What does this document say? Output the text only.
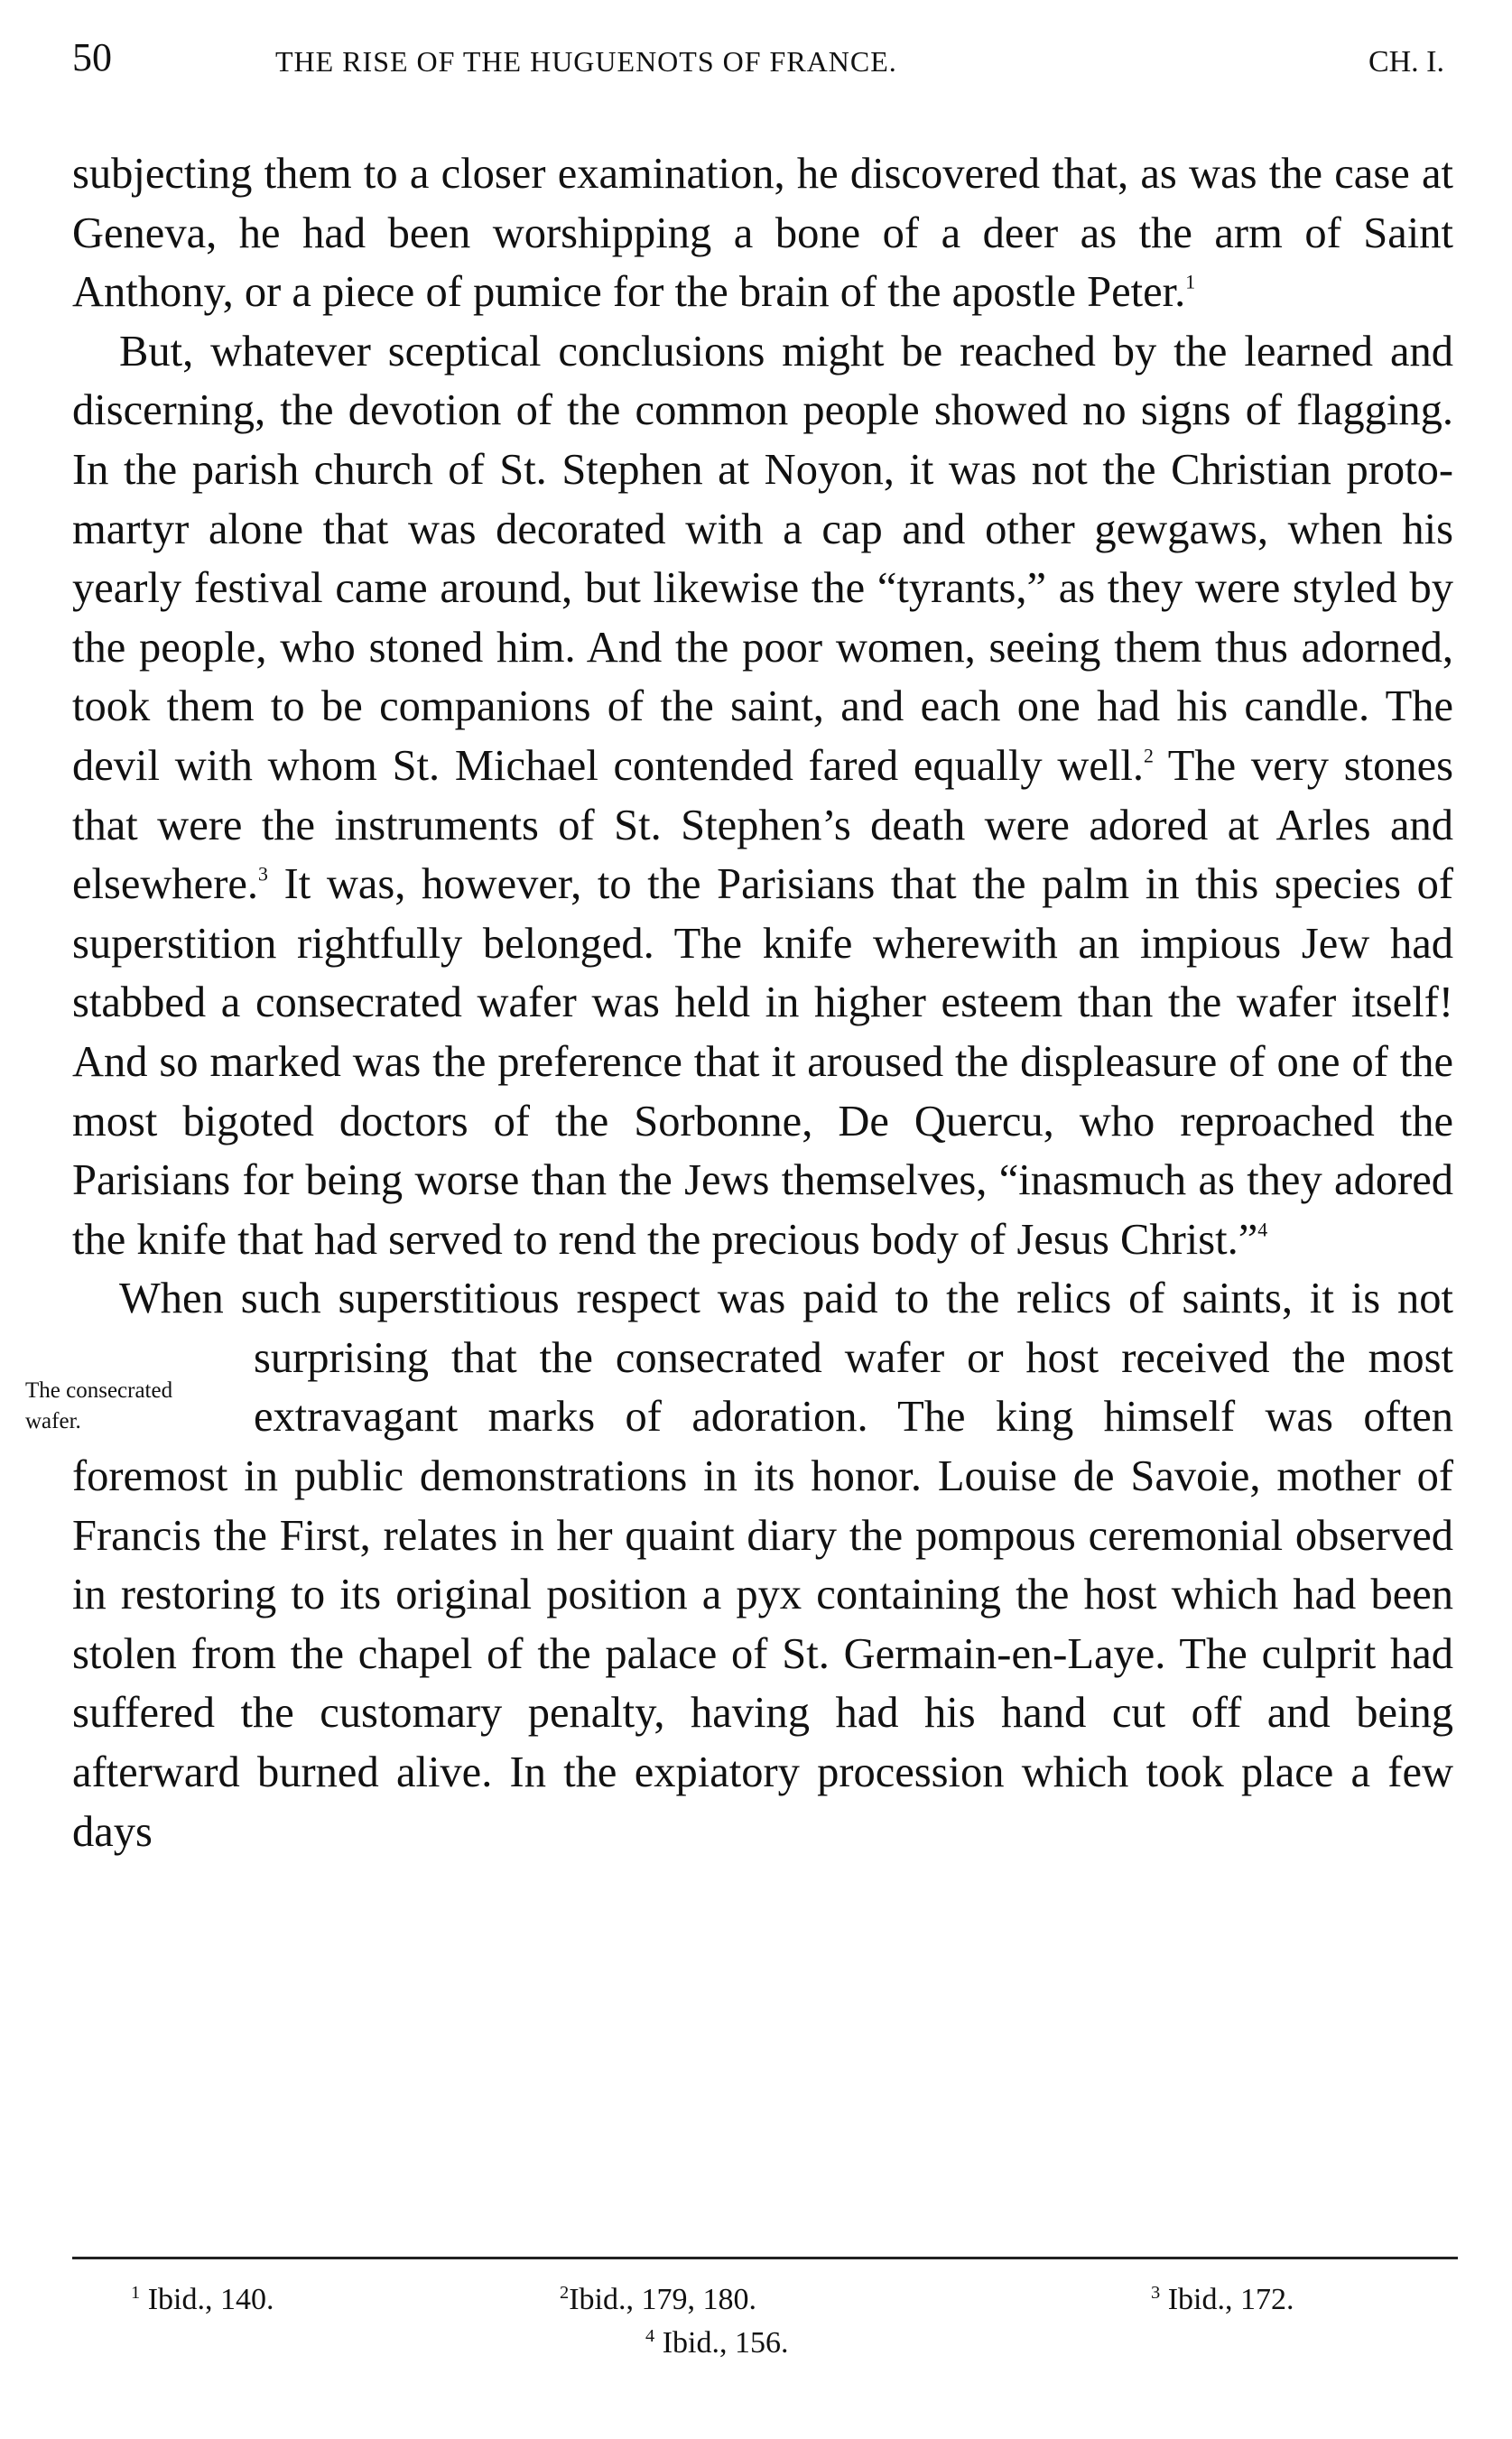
50	THE RISE OF THE HUGUENOTS OF FRANCE.	CH. I.

subjecting them to a closer examination, he discovered that, as was the case at Geneva, he had been worshipping a bone of a deer as the arm of Saint Anthony, or a piece of pumice for the brain of the apostle Peter.$^1$

But, whatever sceptical conclusions might be reached by the learned and discerning, the devotion of the common people showed no signs of flagging. In the parish church of St. Stephen at Noyon, it was not the Christian proto-martyr alone that was decorated with a cap and other gewgaws, when his yearly festival came around, but likewise the “tyrants,” as they were styled by the people, who stoned him. And the poor women, seeing them thus adorned, took them to be companions of the saint, and each one had his candle. The devil with whom St. Michael contended fared equally well.$^2$ The very stones that were the instruments of St. Stephen’s death were adored at Arles and elsewhere.$^3$ It was, however, to the Parisians that the palm in this species of superstition rightfully belonged. The knife wherewith an impious Jew had stabbed a consecrated wafer was held in higher esteem than the wafer itself! And so marked was the preference that it aroused the displeasure of one of the most bigoted doctors of the Sorbonne, De Quercu, who reproached the Parisians for being worse than the Jews themselves, “inasmuch as they adored the knife that had served to rend the precious body of Jesus Christ.”$^4$

When such superstitious respect was paid to the relics of saints, it is not surprising that the consecrated wafer or host
The consecrated wafer.
received the most extravagant marks of adoration. The king himself was often foremost in public demonstrations in its honor. Louise de Savoie, mother of Francis the First, relates in her quaint diary the pompous ceremonial observed in restoring to its original position a pyx containing the host which had been stolen from the chapel of the palace of St. Germain-en-Laye. The culprit had suffered the customary penalty, having had his hand cut off and being afterward burned alive. In the expiatory procession which took place a few days

$^1$ Ibid., 140.	$^2$Ibid., 179, 180.	$^3$ Ibid., 172.
$^4$ Ibid., 156.
